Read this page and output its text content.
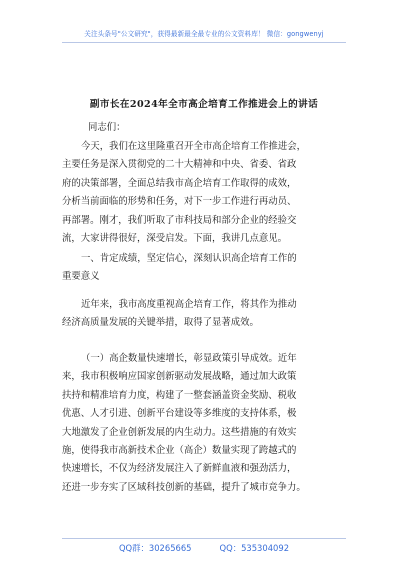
关注头条号"公文研究"，获得最新最全最专业的公文资料库！ 微信：gongwenyj
副市长在2024年全市高企培育工作推进会上的讲话
同志们：
今天，我们在这里隆重召开全市高企培育工作推进会，
主要任务是深入贯彻党的二十大精神和中央、省委、省政
府的决策部署，全面总结我市高企培育工作取得的成效，
分析当前面临的形势和任务，对下一步工作进行再动员、
再部署。刚才，我们听取了市科技局和部分企业的经验交
流，大家讲得很好，深受启发。下面，我讲几点意见。
一、肯定成绩，坚定信心，深刻认识高企培育工作的
重要意义
近年来，我市高度重视高企培育工作，将其作为推动
经济高质量发展的关键举措，取得了显著成效。
（一）高企数量快速增长，彰显政策引导成效。近年
来，我市积极响应国家创新驱动发展战略，通过加大政策
扶持和精准培育力度，构建了一整套涵盖资金奖励、税收
优惠、人才引进、创新平台建设等多维度的支持体系，极
大地激发了企业创新发展的内生动力。这些措施的有效实
施，使得我市高新技术企业（高企）数量实现了跨越式的
快速增长，不仅为经济发展注入了新鲜血液和强劲活力，
还进一步夯实了区域科技创新的基础，提升了城市竞争力。
QQ群：30265665	QQ：535304092
